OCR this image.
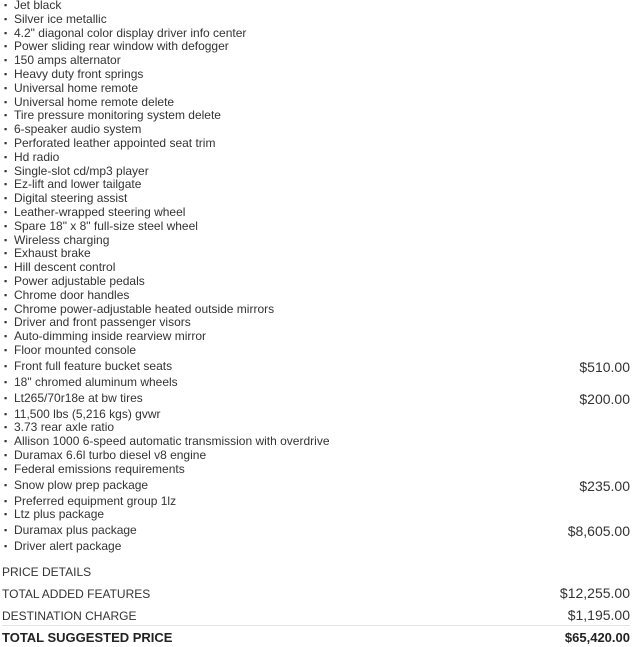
▪ Jet black
▪ Silver ice metallic
▪ 4.2" diagonal color display driver info center
▪ Power sliding rear window with defogger
▪ 150 amps alternator
▪ Heavy duty front springs
▪ Universal home remote
▪ Universal home remote delete
▪ Tire pressure monitoring system delete
▪ 6-speaker audio system
▪ Perforated leather appointed seat trim
▪ Hd radio
▪ Single-slot cd/mp3 player
▪ Ez-lift and lower tailgate
▪ Digital steering assist
▪ Leather-wrapped steering wheel
▪ Spare 18" x 8" full-size steel wheel
▪ Wireless charging
▪ Exhaust brake
▪ Hill descent control
▪ Power adjustable pedals
▪ Chrome door handles
▪ Chrome power-adjustable heated outside mirrors
▪ Driver and front passenger visors
▪ Auto-dimming inside rearview mirror
▪ Floor mounted console
▪ Front full feature bucket seats	$510.00
▪ 18" chromed aluminum wheels
▪ Lt265/70r18e at bw tires	$200.00
▪ 11,500 lbs (5,216 kgs) gvwr
▪ 3.73 rear axle ratio
▪ Allison 1000 6-speed automatic transmission with overdrive
▪ Duramax 6.6l turbo diesel v8 engine
▪ Federal emissions requirements
▪ Snow plow prep package	$235.00
▪ Preferred equipment group 1lz
▪ Ltz plus package
▪ Duramax plus package	$8,605.00
▪ Driver alert package
PRICE DETAILS
TOTAL ADDED FEATURES	$12,255.00
DESTINATION CHARGE	$1,195.00
TOTAL SUGGESTED PRICE	$65,420.00
